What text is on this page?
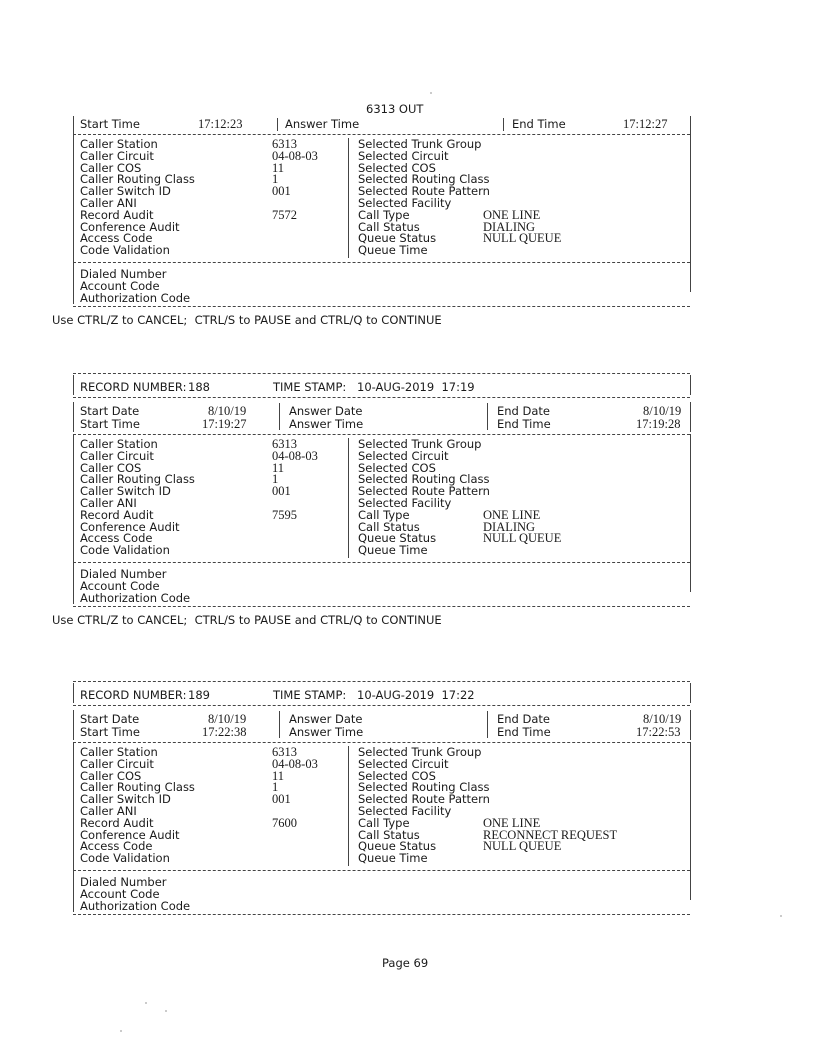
6313 OUT
Start Time	17:12:23	Answer Time	End Time	17:12:27
Caller Station	6313	Selected Trunk Group
Caller Circuit	04-08-03	Selected Circuit
Caller COS	11	Selected COS
Caller Routing Class	1	Selected Routing Class
Caller Switch ID	001	Selected Route Pattern
Caller ANI	Selected Facility
Record Audit	7572	Call Type	ONE LINE
Conference Audit	Call Status	DIALING
Access Code	Queue Status	NULL QUEUE
Code Validation	Queue Time
Dialed Number
Account Code
Authorization Code
Use CTRL/Z to CANCEL;  CTRL/S to PAUSE and CTRL/Q to CONTINUE
RECORD NUMBER: 188	TIME STAMP: 10-AUG-2019  17:19
Start Date	8/10/19	Answer Date	End Date	8/10/19
Start Time	17:19:27	Answer Time	End Time	17:19:28
Caller Station	6313	Selected Trunk Group
Caller Circuit	04-08-03	Selected Circuit
Caller COS	11	Selected COS
Caller Routing Class	1	Selected Routing Class
Caller Switch ID	001	Selected Route Pattern
Caller ANI	Selected Facility
Record Audit	7595	Call Type	ONE LINE
Conference Audit	Call Status	DIALING
Access Code	Queue Status	NULL QUEUE
Code Validation	Queue Time
Dialed Number
Account Code
Authorization Code
Use CTRL/Z to CANCEL;  CTRL/S to PAUSE and CTRL/Q to CONTINUE
RECORD NUMBER: 189	TIME STAMP: 10-AUG-2019  17:22
Start Date	8/10/19	Answer Date	End Date	8/10/19
Start Time	17:22:38	Answer Time	End Time	17:22:53
Caller Station	6313	Selected Trunk Group
Caller Circuit	04-08-03	Selected Circuit
Caller COS	11	Selected COS
Caller Routing Class	1	Selected Routing Class
Caller Switch ID	001	Selected Route Pattern
Caller ANI	Selected Facility
Record Audit	7600	Call Type	ONE LINE
Conference Audit	Call Status	RECONNECT REQUEST
Access Code	Queue Status	NULL QUEUE
Code Validation	Queue Time
Dialed Number
Account Code
Authorization Code
Page 69
